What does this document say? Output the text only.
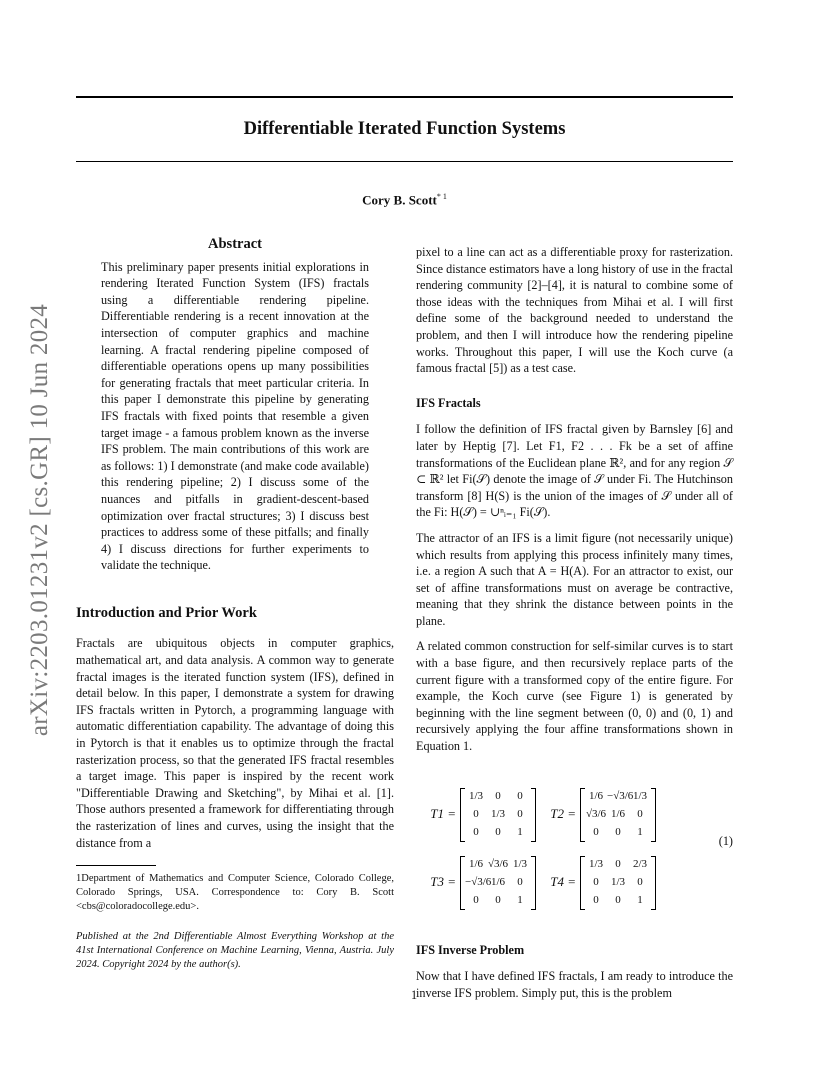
Differentiable Iterated Function Systems
Cory B. Scott$^{* 1}$
arXiv:2203.01231v2 [cs.GR] 10 Jun 2024
Abstract
This preliminary paper presents initial explorations in rendering Iterated Function System (IFS) fractals using a differentiable rendering pipeline. Differentiable rendering is a recent innovation at the intersection of computer graphics and machine learning. A fractal rendering pipeline composed of differentiable operations opens up many possibilities for generating fractals that meet particular criteria. In this paper I demonstrate this pipeline by generating IFS fractals with fixed points that resemble a given target image - a famous problem known as the inverse IFS problem. The main contributions of this work are as follows: 1) I demonstrate (and make code available) this rendering pipeline; 2) I discuss some of the nuances and pitfalls in gradient-descent-based optimization over fractal structures; 3) I discuss best practices to address some of these pitfalls; and finally 4) I discuss directions for further experiments to validate the technique.
Introduction and Prior Work

Fractals are ubiquitous objects in computer graphics, mathematical art, and data analysis. A common way to generate fractal images is the iterated function system (IFS), defined in detail below. In this paper, I demonstrate a system for drawing IFS fractals written in Pytorch, a programming language with automatic differentiation capability. The advantage of doing this in Pytorch is that it enables us to optimize through the fractal rasterization process, so that the generated IFS fractal resembles a target image. This paper is inspired by the recent work "Differentiable Drawing and Sketching", by Mihai et al. [1]. Those authors presented a framework for differentiating through the rasterization of lines and curves, using the insight that the distance from a

1Department of Mathematics and Computer Science, Colorado College, Colorado Springs, USA. Correspondence to: Cory B. Scott <cbs@coloradocollege.edu>.
Published at the 2nd Differentiable Almost Everything Workshop at the 41st International Conference on Machine Learning, Vienna, Austria. July 2024. Copyright 2024 by the author(s).

pixel to a line can act as a differentiable proxy for rasterization. Since distance estimators have a long history of use in the fractal rendering community [2]–[4], it is natural to combine some of those ideas with the techniques from Mihai et al. I will first define some of the background needed to understand the problem, and then I will introduce how the rendering pipeline works. Throughout this paper, I will use the Koch curve (a famous fractal [5]) as a test case.

IFS Fractals

I follow the definition of IFS fractal given by Barnsley [6] and later by Heptig [7]. Let F1, F2 . . . Fk be a set of affine transformations of the Euclidean plane ℝ², and for any region 𝒮 ⊂ ℝ² let Fi(𝒮) denote the image of 𝒮 under Fi. The Hutchinson transform [8] H(S) is the union of the images of 𝒮 under all of the Fi: H(𝒮) = ∪ⁿᵢ₌₁ Fi(𝒮).

The attractor of an IFS is a limit figure (not necessarily unique) which results from applying this process infinitely many times, i.e. a region A such that A = H(A). For an attractor to exist, our set of affine transformations must on average be contractive, meaning that they shrink the distance between points in the plane.

A related common construction for self-similar curves is to start with a base figure, and then recursively replace parts of the current figure with a transformed copy of the entire figure. For example, the Koch curve (see Figure 1) is generated by beginning with the line segment between (0, 0) and (0, 1) and recursively applying the four affine transformations shown in Equation 1.

T1 =
1/3	0	0
0	1/3	0
0	0	1
T2 =
1/6 −√3/6 1/3
√3/6 1/6	0
0	0	1
T3 =
1/6 √3/6 1/3
−√3/6 1/6	0
0	0	1
T4 =
1/3	0	2/3
0	1/3	0
0	0	1
(1)
IFS Inverse Problem

Now that I have defined IFS fractals, I am ready to introduce the inverse IFS problem. Simply put, this is the problem

1
